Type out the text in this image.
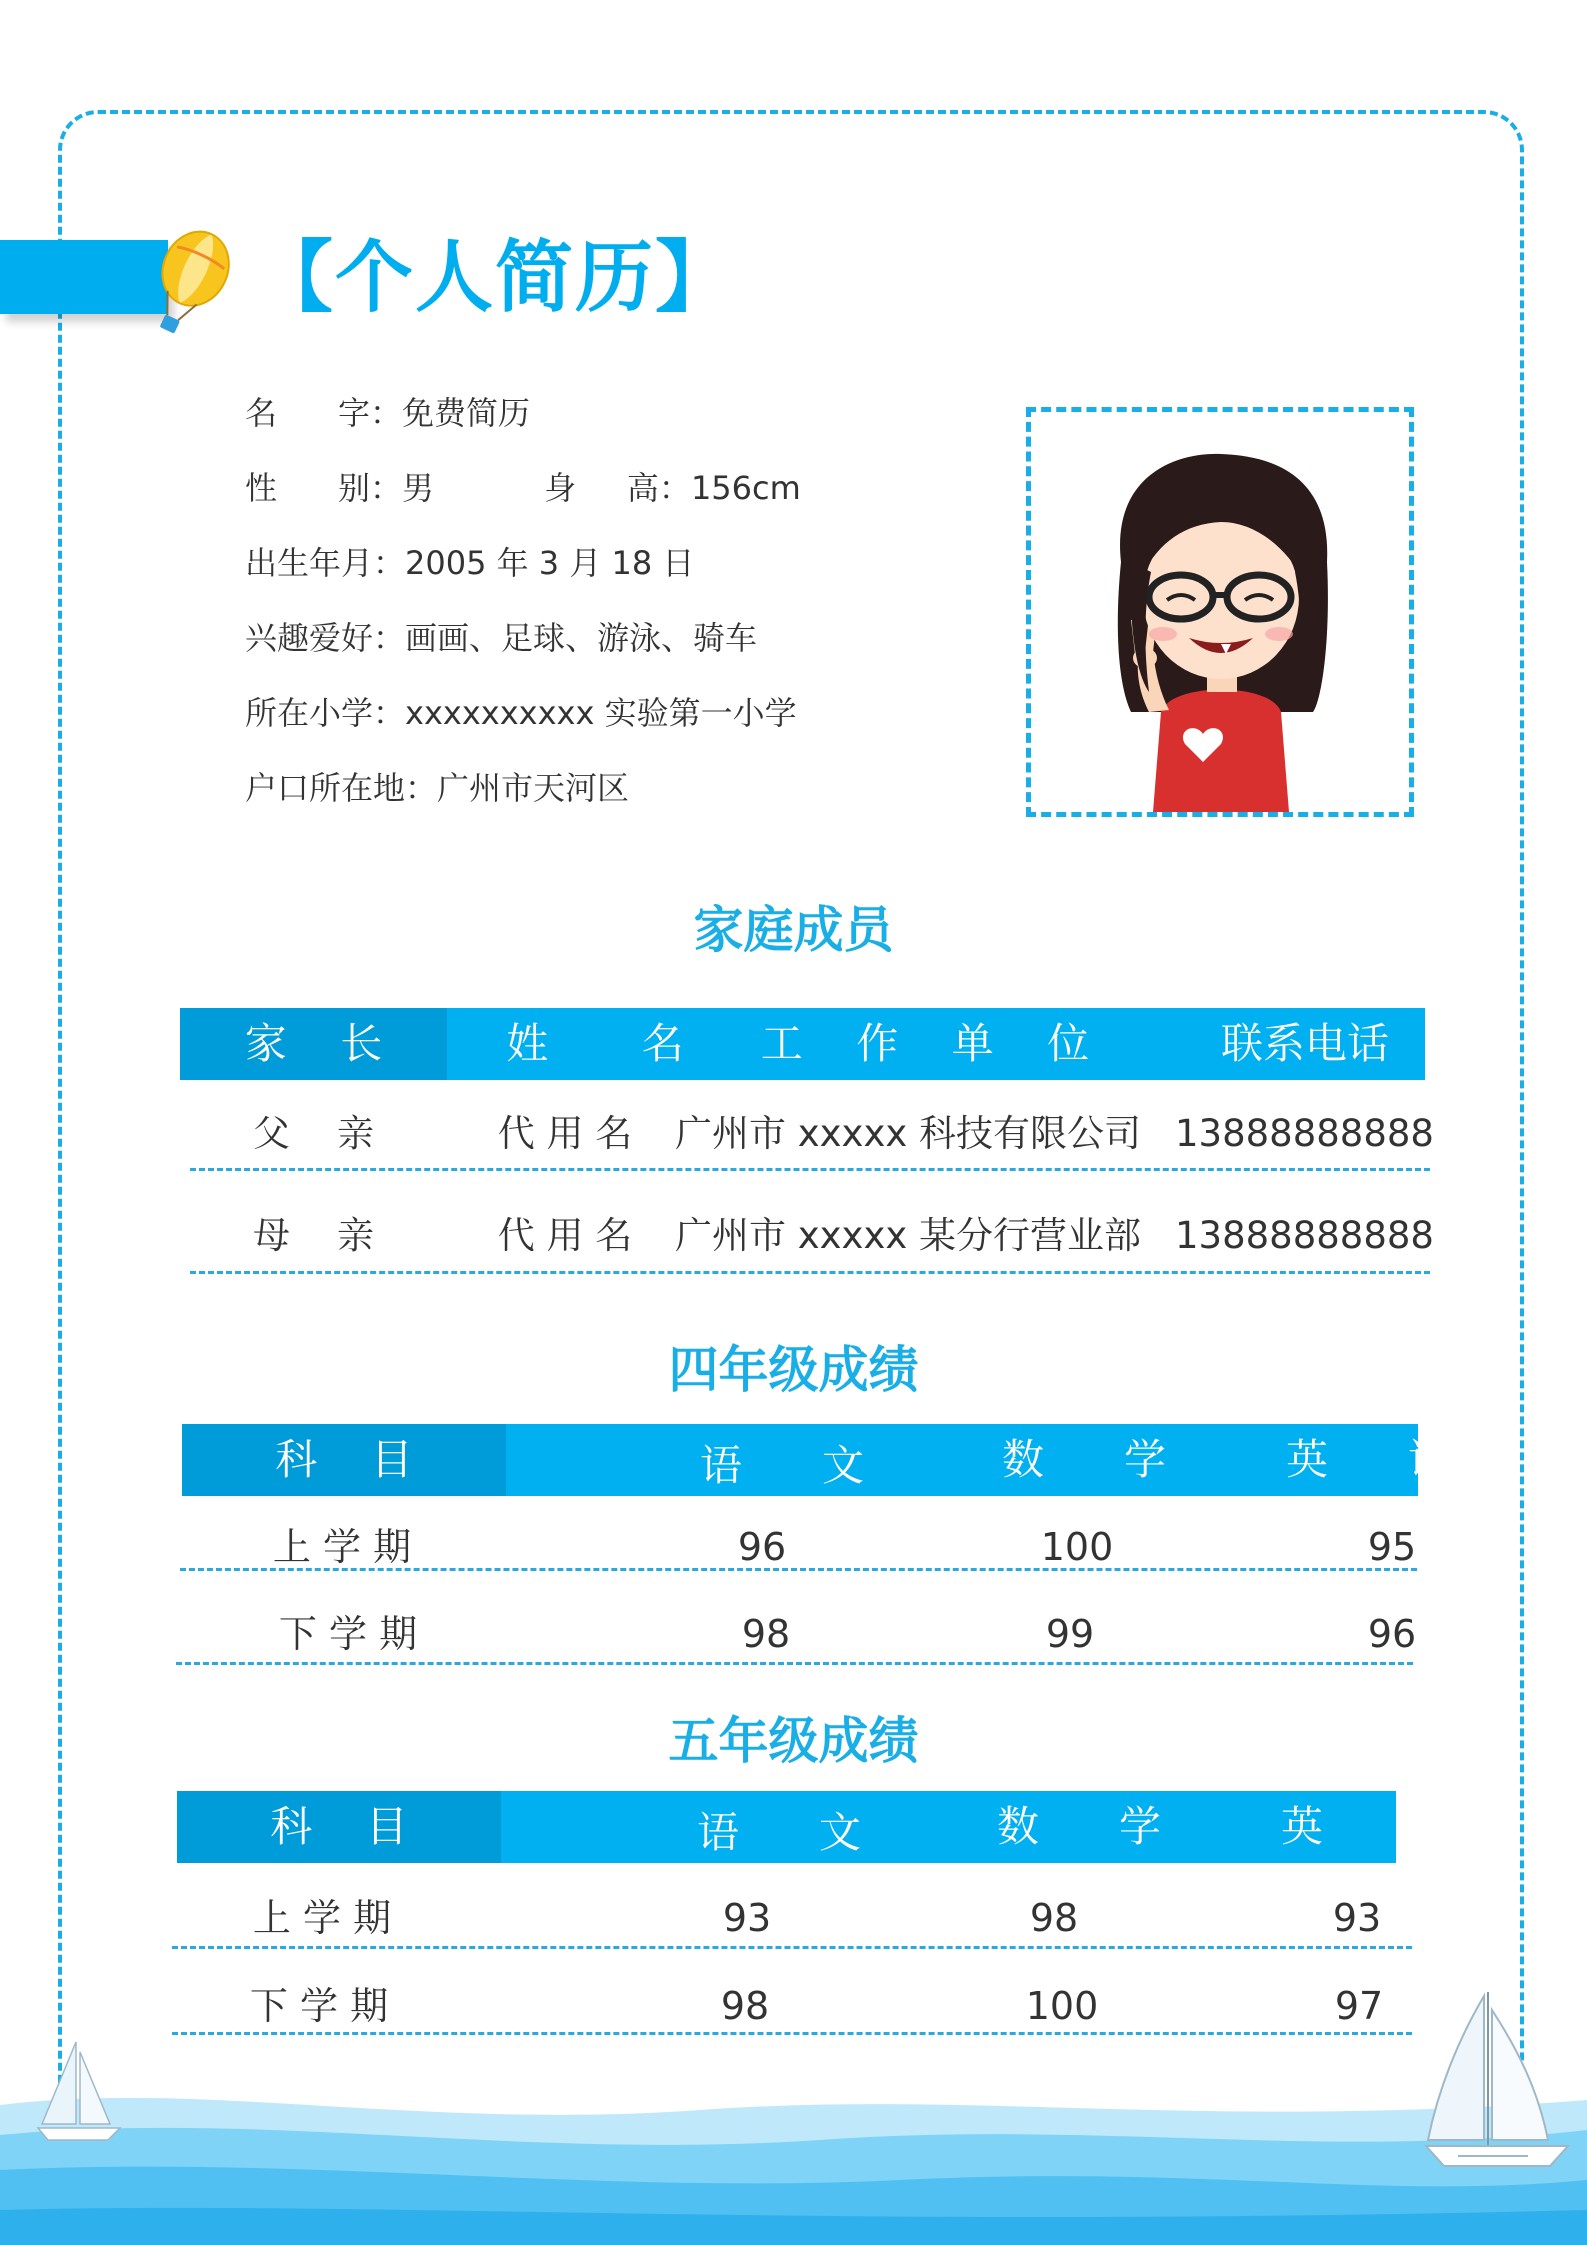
【个人简历】
名      字： 免费简历
性      别： 男	身     高： 156cm
出生年月： 2005 年 3 月 18 日
兴趣爱好： 画画、足球、游泳、骑车
所在小学： xxxxxxxxxx 实验第一小学
户口所在地： 广州市天河区
家庭成员
家    长	姓       名	工    作    单    位	联系电话
父    亲	代 用 名	广州市 xxxxx 科技有限公司 13888888888
母    亲	代 用 名	广州市 xxxxx 某分行营业部 13888888888
四年级成绩
科    目	语      文	数      学	英      语
上 学 期	96	100	95
下 学 期	98	99	96
五年级成绩
科    目	语      文	数      学	英      语
上 学 期	93	98	93
下 学 期	98	100	97
